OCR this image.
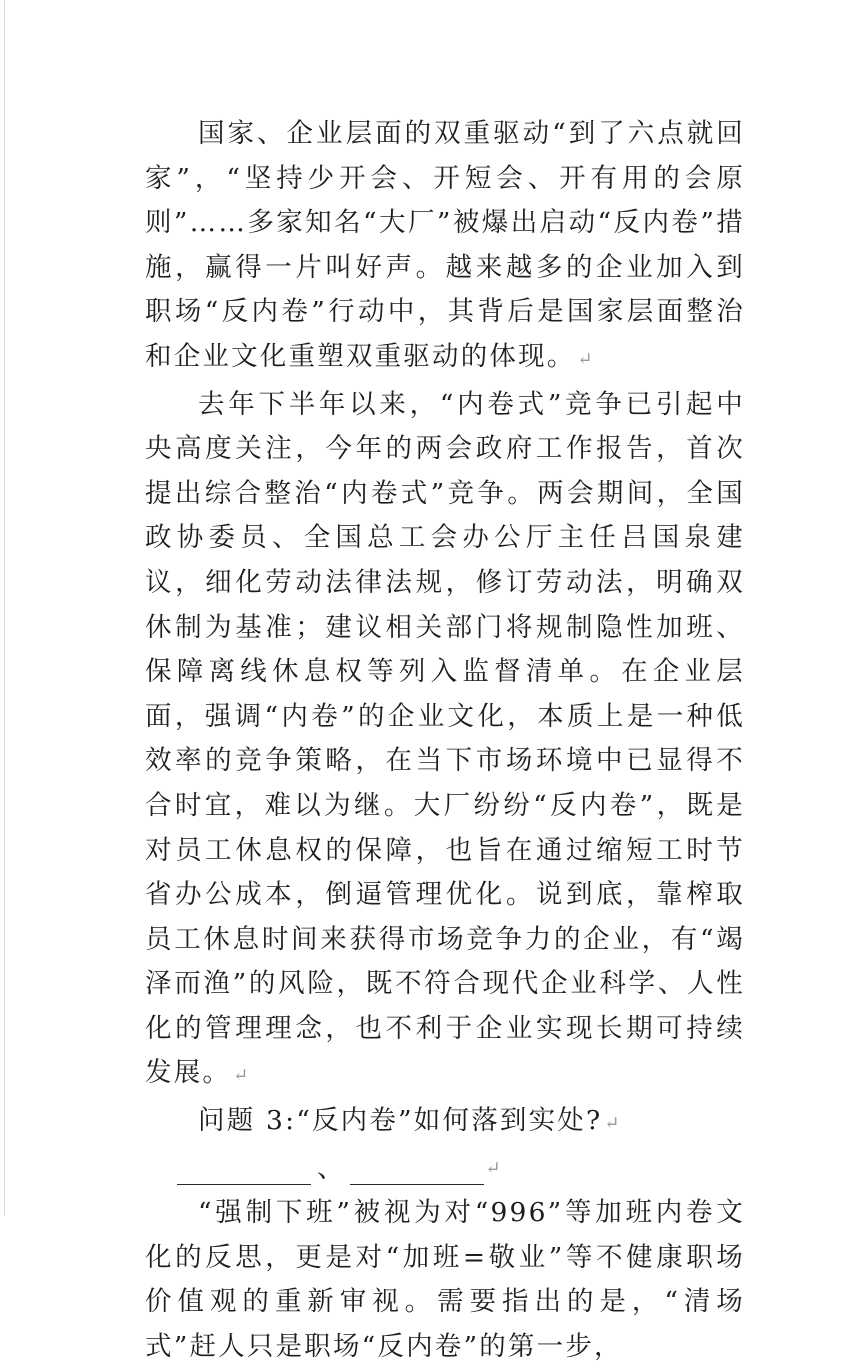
国家、企业层面的双重驱动“到了六点就回家”，“坚持少开会、开短会、开有用的会原则”……多家知名“大厂”被爆出启动“反内卷”措施，赢得一片叫好声。越来越多的企业加入到职场“反内卷”行动中，其背后是国家层面整治和企业文化重塑双重驱动的体现。 ↵

去年下半年以来，“内卷式”竞争已引起中央高度关注，今年的两会政府工作报告，首次提出综合整治“内卷式”竞争。两会期间，全国政协委员、全国总工会办公厅主任吕国泉建议，细化劳动法律法规，修订劳动法，明确双休制为基准；建议相关部门将规制隐性加班、保障离线休息权等列入监督清单。在企业层面，强调“内卷”的企业文化，本质上是一种低效率的竞争策略，在当下市场环境中已显得不合时宜，难以为继。大厂纷纷“反内卷”，既是对员工休息权的保障，也旨在通过缩短工时节省办公成本，倒逼管理优化。说到底，靠榨取员工休息时间来获得市场竞争力的企业，有“竭泽而渔”的风险，既不符合现代企业科学、人性化的管理理念，也不利于企业实现长期可持续发展。 ↵

问题 3:“反内卷”如何落到实处? ↵

、	↵

“强制下班”被视为对“996”等加班内卷文化的反思，更是对“加班=敬业”等不健康职场价值观的重新审视。需要指出的是，“清场式”赶人只是职场“反内卷”的第一步，
